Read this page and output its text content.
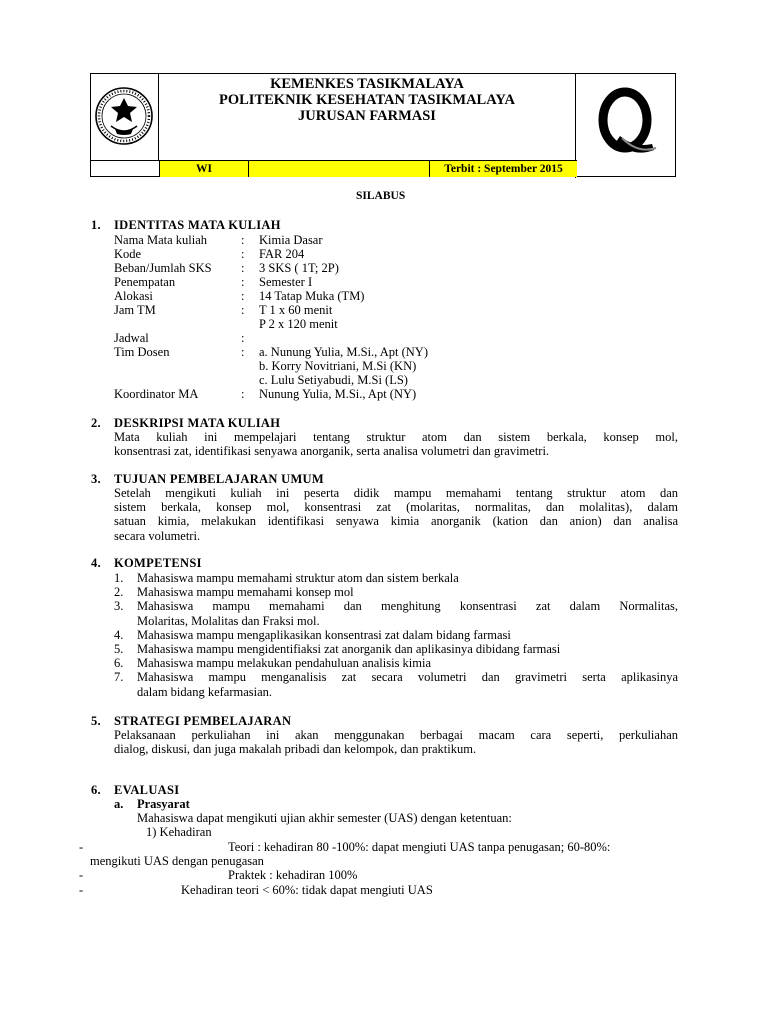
KEMENKES TASIKMALAYA
POLITEKNIK KESEHATAN TASIKMALAYA
JURUSAN FARMASI
WI	Terbit : September 2015
SILABUS
1. IDENTITAS MATA KULIAH
Nama Mata kuliah	: Kimia Dasar
Kode	: FAR 204
Beban/Jumlah SKS : 3 SKS ( 1T; 2P)
Penempatan	: Semester I
Alokasi	: 14 Tatap Muka (TM)
Jam TM	: T 1 x 60 menit
P 2 x 120 menit
Jadwal	:
Tim Dosen	: a. Nunung Yulia, M.Si., Apt (NY)
b. Korry Novitriani, M.Si (KN)
c. Lulu Setiyabudi, M.Si (LS)
Koordinator MA	: Nunung Yulia, M.Si., Apt (NY)
2. DESKRIPSI MATA KULIAH
Mata kuliah ini mempelajari tentang struktur atom dan sistem berkala, konsep mol,
konsentrasi zat, identifikasi senyawa anorganik, serta analisa volumetri dan gravimetri.
3. TUJUAN PEMBELAJARAN UMUM
Setelah mengikuti kuliah ini peserta didik mampu memahami tentang struktur atom dan
sistem berkala, konsep mol, konsentrasi zat (molaritas, normalitas, dan molalitas), dalam
satuan kimia, melakukan identifikasi senyawa kimia anorganik (kation dan anion) dan analisa
secara volumetri.
4. KOMPETENSI
1. Mahasiswa mampu memahami struktur atom dan sistem berkala
2. Mahasiswa mampu memahami konsep mol
3. Mahasiswa mampu memahami dan menghitung konsentrasi zat dalam Normalitas,
Molaritas, Molalitas dan Fraksi mol.
4. Mahasiswa mampu mengaplikasikan konsentrasi zat dalam bidang farmasi
5. Mahasiswa mampu mengidentifiaksi zat anorganik dan aplikasinya dibidang farmasi
6. Mahasiswa mampu melakukan pendahuluan analisis kimia
7. Mahasiswa mampu menganalisis zat secara volumetri dan gravimetri serta aplikasinya
dalam bidang kefarmasian.
5. STRATEGI PEMBELAJARAN
Pelaksanaan perkuliahan ini akan menggunakan berbagai macam cara seperti, perkuliahan
dialog, diskusi, dan juga makalah pribadi dan kelompok, dan praktikum.
6. EVALUASI
a. Prasyarat
Mahasiswa dapat mengikuti ujian akhir semester (UAS) dengan ketentuan:
1) Kehadiran
-	Teori : kehadiran 80 -100%: dapat mengiuti UAS tanpa penugasan; 60-80%:
mengikuti UAS dengan penugasan
-	Praktek : kehadiran 100%
-	Kehadiran teori < 60%: tidak dapat mengiuti UAS
